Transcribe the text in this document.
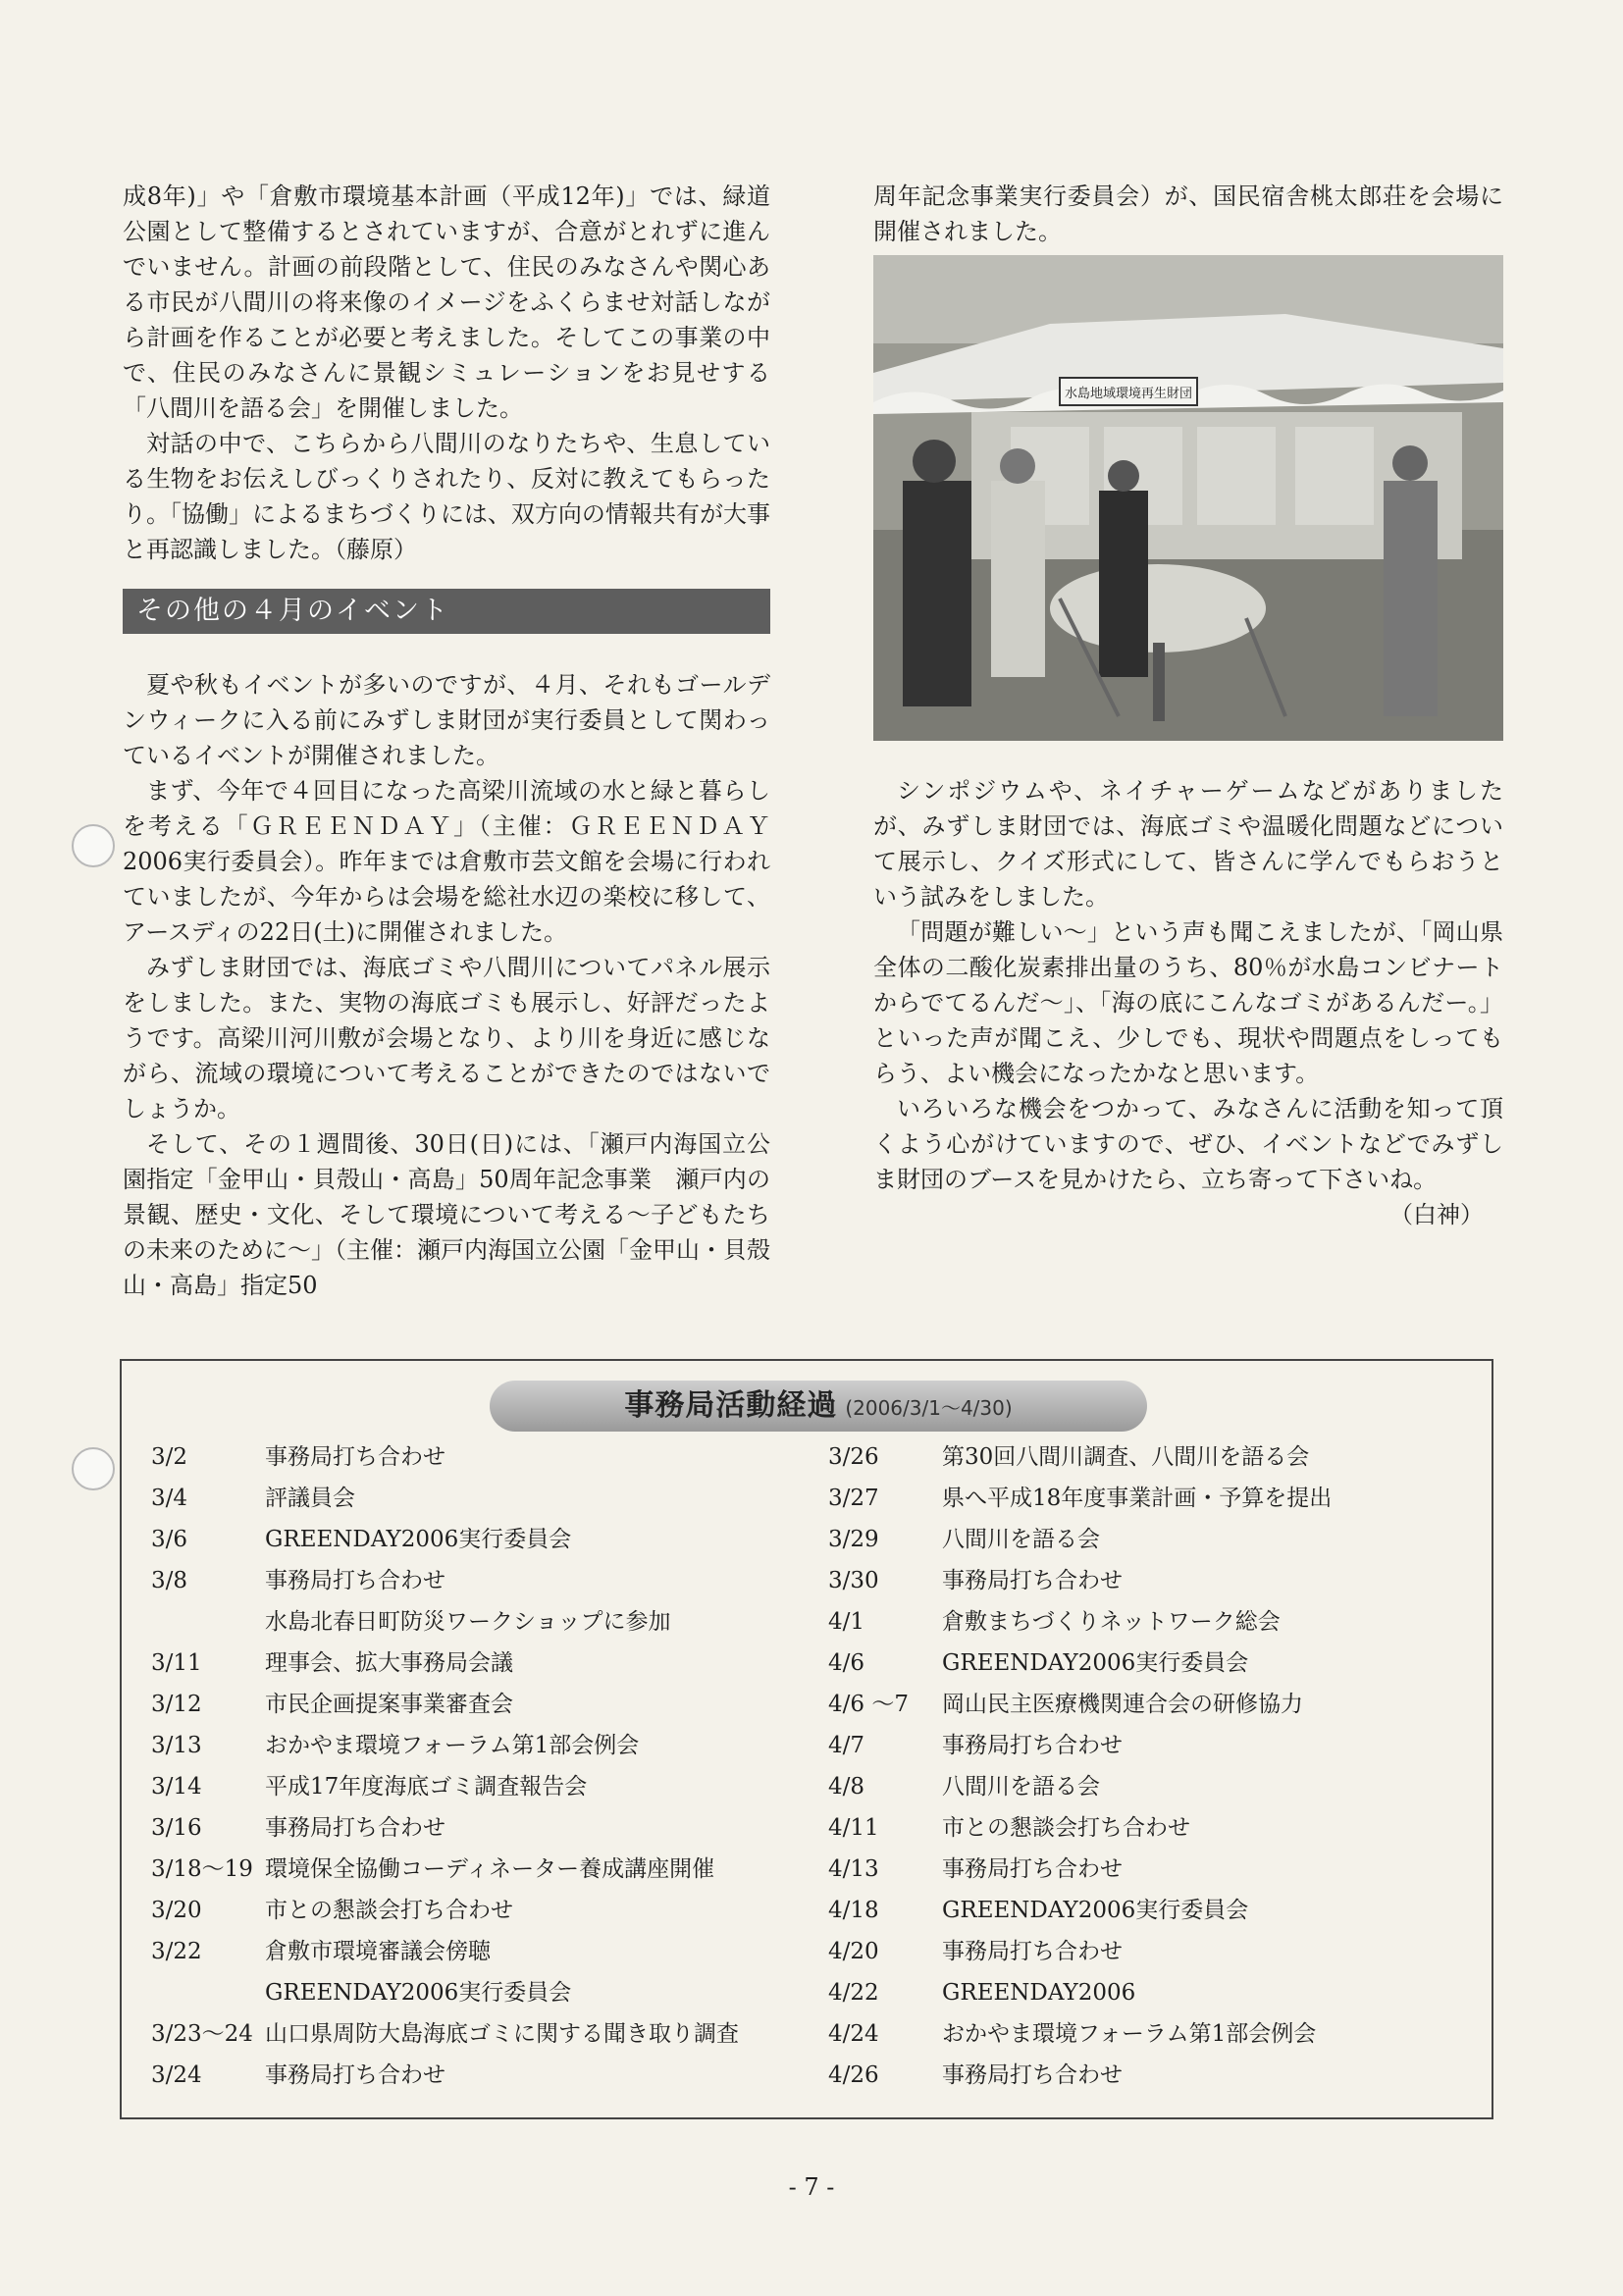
成8年)」や「倉敷市環境基本計画（平成12年)」では、緑道公園として整備するとされていますが、合意がとれずに進んでいません。計画の前段階として、住民のみなさんや関心ある市民が八間川の将来像のイメージをふくらませ対話しながら計画を作ることが必要と考えました。そしてこの事業の中で、住民のみなさんに景観シミュレーションをお見せする「八間川を語る会」を開催しました。

対話の中で、こちらから八間川のなりたちや、生息している生物をお伝えしびっくりされたり、反対に教えてもらったり。「協働」によるまちづくりには、双方向の情報共有が大事と再認識しました。（藤原）

その他の４月のイベント

夏や秋もイベントが多いのですが、４月、それもゴールデンウィークに入る前にみずしま財団が実行委員として関わっているイベントが開催されました。

まず、今年で４回目になった高梁川流域の水と緑と暮らしを考える「ＧＲＥＥＮＤＡＹ」（主催：ＧＲＥＥＮＤＡＹ2006実行委員会）。昨年までは倉敷市芸文館を会場に行われていましたが、今年からは会場を総社水辺の楽校に移して、アースディの22日(土)に開催されました。

みずしま財団では、海底ゴミや八間川についてパネル展示をしました。また、実物の海底ゴミも展示し、好評だったようです。高梁川河川敷が会場となり、より川を身近に感じながら、流域の環境について考えることができたのではないでしょうか。

そして、その１週間後、30日(日)には、「瀬戸内海国立公園指定「金甲山・貝殻山・高島」50周年記念事業　瀬戸内の景観、歴史・文化、そして環境について考える～子どもたちの未来のために～」（主催：瀬戸内海国立公園「金甲山・貝殻山・高島」指定50

周年記念事業実行委員会）が、国民宿舎桃太郎荘を会場に開催されました。

水島地域環境再生財団

シンポジウムや、ネイチャーゲームなどがありましたが、みずしま財団では、海底ゴミや温暖化問題などについて展示し、クイズ形式にして、皆さんに学んでもらおうという試みをしました。

「問題が難しい～」という声も聞こえましたが、「岡山県全体の二酸化炭素排出量のうち、80％が水島コンビナートからでてるんだ～」、「海の底にこんなゴミがあるんだー。」といった声が聞こえ、少しでも、現状や問題点をしってもらう、よい機会になったかなと思います。

いろいろな機会をつかって、みなさんに活動を知って頂くよう心がけていますので、ぜひ、イベントなどでみずしま財団のブースを見かけたら、立ち寄って下さいね。

（白神）
事務局活動経過 (2006/3/1～4/30)
3/2	事務局打ち合わせ
3/4	評議員会
3/6	GREENDAY2006実行委員会
3/8	事務局打ち合わせ
水島北春日町防災ワークショップに参加
3/11	理事会、拡大事務局会議
3/12	市民企画提案事業審査会
3/13	おかやま環境フォーラム第1部会例会
3/14	平成17年度海底ゴミ調査報告会
3/16	事務局打ち合わせ
3/18～19 環境保全協働コーディネーター養成講座開催
3/20	市との懇談会打ち合わせ
3/22	倉敷市環境審議会傍聴
GREENDAY2006実行委員会
3/23～24 山口県周防大島海底ゴミに関する聞き取り調査
3/24	事務局打ち合わせ
3/26	第30回八間川調査、八間川を語る会
3/27	県へ平成18年度事業計画・予算を提出
3/29	八間川を語る会
3/30	事務局打ち合わせ
4/1	倉敷まちづくりネットワーク総会
4/6	GREENDAY2006実行委員会
4/6 ～7 岡山民主医療機関連合会の研修協力
4/7	事務局打ち合わせ
4/8	八間川を語る会
4/11	市との懇談会打ち合わせ
4/13	事務局打ち合わせ
4/18	GREENDAY2006実行委員会
4/20	事務局打ち合わせ
4/22	GREENDAY2006
4/24	おかやま環境フォーラム第1部会例会
4/26	事務局打ち合わせ
- 7 -
